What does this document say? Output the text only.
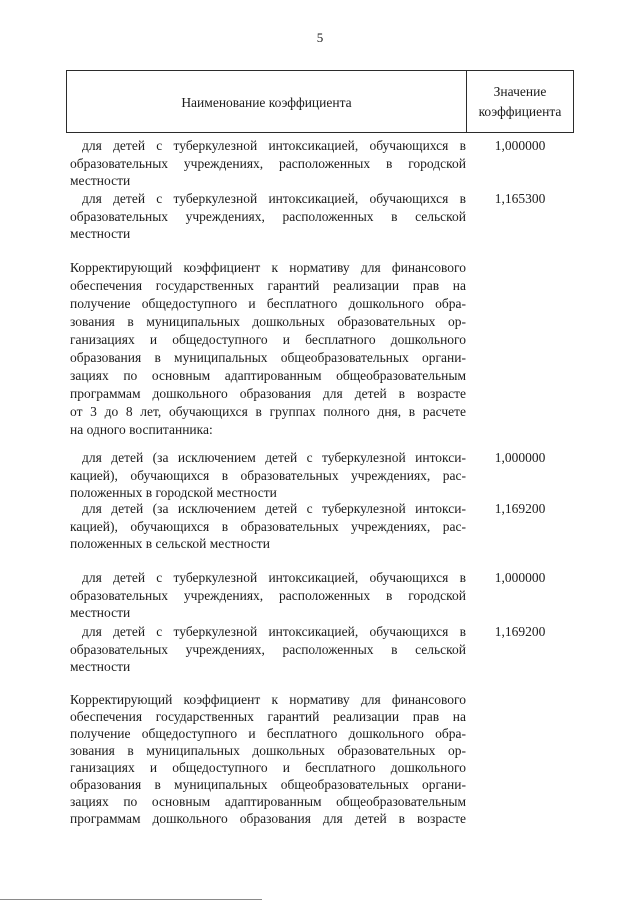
5
Наименование коэффициента
Значение
коэффициента
для детей с туберкулезной интоксикацией, обучающихся в
образовательных учреждениях, расположенных в городской
местности
1,000000
для детей с туберкулезной интоксикацией, обучающихся в
образовательных учреждениях, расположенных в сельской
местности
1,165300
Корректирующий коэффициент к нормативу для финансового
обеспечения государственных гарантий реализации прав на
получение общедоступного и бесплатного дошкольного обра-
зования в муниципальных дошкольных образовательных ор-
ганизациях и общедоступного и бесплатного дошкольного
образования в муниципальных общеобразовательных органи-
зациях по основным адаптированным общеобразовательным
программам дошкольного образования для детей в возрасте
от 3 до 8 лет, обучающихся в группах полного дня, в расчете
на одного воспитанника:
для детей (за исключением детей с туберкулезной интокси-
кацией), обучающихся в образовательных учреждениях, рас-
положенных в городской местности
1,000000
для детей (за исключением детей с туберкулезной интокси-
кацией), обучающихся в образовательных учреждениях, рас-
положенных в сельской местности
1,169200
для детей с туберкулезной интоксикацией, обучающихся в
образовательных учреждениях, расположенных в городской
местности
1,000000
для детей с туберкулезной интоксикацией, обучающихся в
образовательных учреждениях, расположенных в сельской
местности
1,169200
Корректирующий коэффициент к нормативу для финансового
обеспечения государственных гарантий реализации прав на
получение общедоступного и бесплатного дошкольного обра-
зования в муниципальных дошкольных образовательных ор-
ганизациях и общедоступного и бесплатного дошкольного
образования в муниципальных общеобразовательных органи-
зациях по основным адаптированным общеобразовательным
программам дошкольного образования для детей в возрасте
